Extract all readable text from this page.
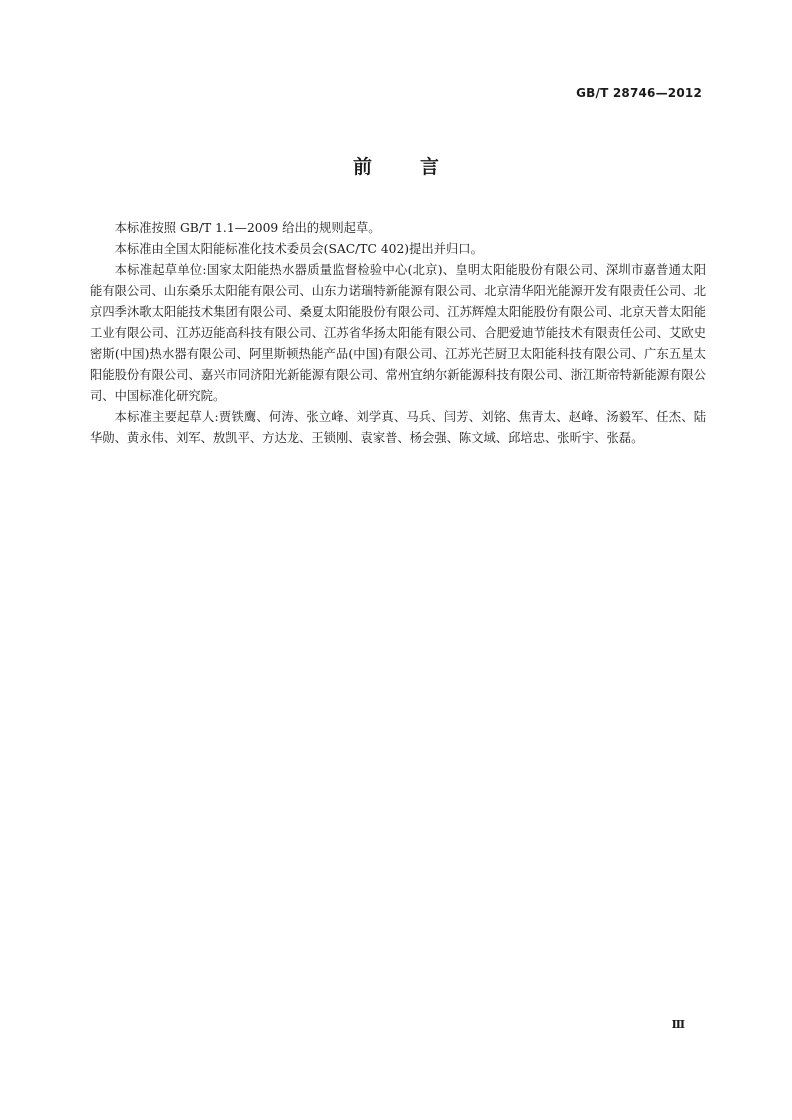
GB/T 28746—2012
前言

本标准按照 GB/T 1.1—2009 给出的规则起草。

本标准由全国太阳能标准化技术委员会(SAC/TC 402)提出并归口。

本标准起草单位:国家太阳能热水器质量监督检验中心(北京)、皇明太阳能股份有限公司、深圳市嘉普通太阳能有限公司、山东桑乐太阳能有限公司、山东力诺瑞特新能源有限公司、北京清华阳光能源开发有限责任公司、北京四季沐歌太阳能技术集团有限公司、桑夏太阳能股份有限公司、江苏辉煌太阳能股份有限公司、北京天普太阳能工业有限公司、江苏迈能高科技有限公司、江苏省华扬太阳能有限公司、合肥爱迪节能技术有限责任公司、艾欧史密斯(中国)热水器有限公司、阿里斯顿热能产品(中国)有限公司、江苏光芒厨卫太阳能科技有限公司、广东五星太阳能股份有限公司、嘉兴市同济阳光新能源有限公司、常州宜纳尔新能源科技有限公司、浙江斯帝特新能源有限公司、中国标准化研究院。

本标准主要起草人:贾铁鹰、何涛、张立峰、刘学真、马兵、闫芳、刘铭、焦青太、赵峰、汤毅军、任杰、陆华勋、黄永伟、刘军、敖凯平、方达龙、王锁刚、袁家普、杨会强、陈文域、邱培忠、张昕宇、张磊。

Ⅲ
